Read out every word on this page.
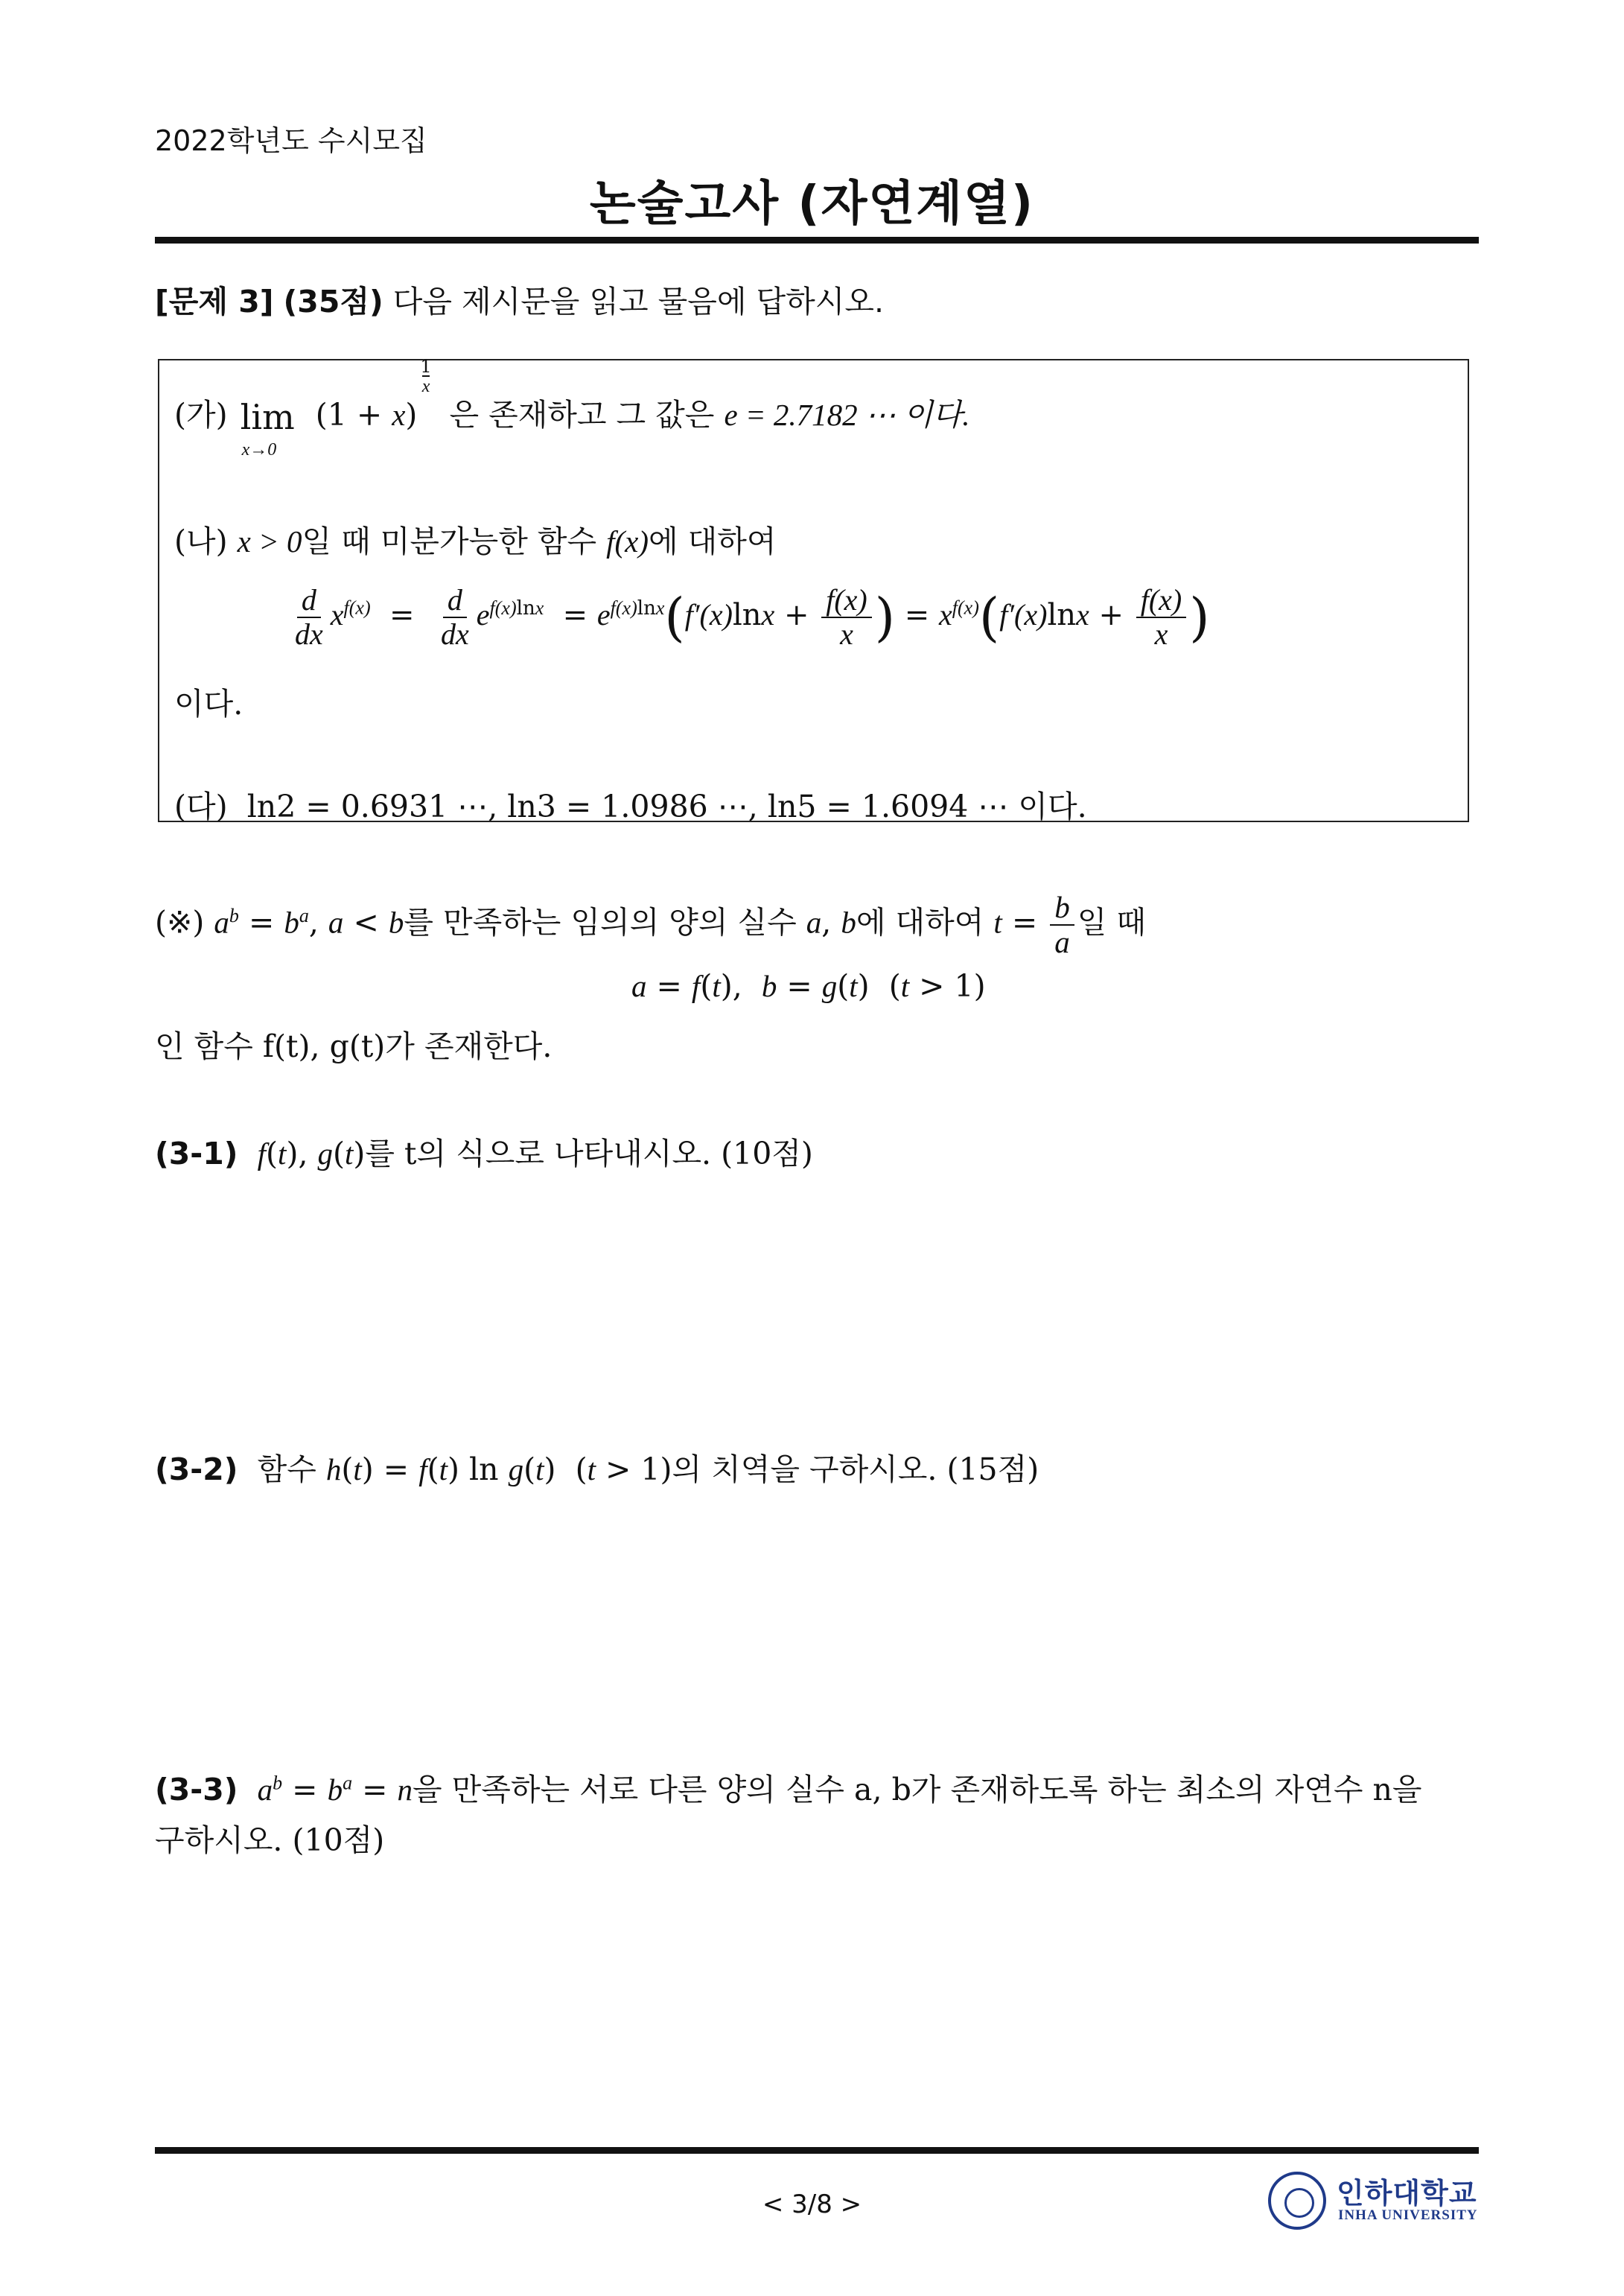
2022학년도 수시모집
논술고사 (자연계열)
[문제 3] (35점) 다음 제시문을 읽고 물음에 답하시오.
(가) lim
x→0
(1 + x)
1
x
은 존재하고 그 값은 e = 2.7182 ⋯ 이다.
(나) x > 0일 때 미분가능한 함수 f(x)에 대하여
$\frac{d}{dx} x^{f(x)} = \frac{d}{dx} e^{f(x)lnx} = e^{f(x)lnx}(f'(x)\ln x + \frac{f(x)}{x}$ ) = $x^{f(x)}(f'(x)\ln x + \frac{f(x)}{x}$ )
이다.
(다) ln2 = 0.6931 ⋯, ln3 = 1.0986 ⋯, ln5 = 1.6094 ⋯ 이다.
(※) $a^b = b^a$, a < b를 만족하는 임의의 양의 실수 a, b에 대하여 $t = \frac{b}{a}$ 일 때
a = f(t),  b = g(t)  (t > 1)
인 함수 f(t), g(t)가 존재한다.
(3-1) f(t), g(t)를 t의 식으로 나타내시오. (10점)
(3-2)  함수 h(t) = f(t) ln g(t)  (t > 1)의 치역을 구하시오. (15점)
(3-3) $a^b = b^a = n$을 만족하는 서로 다른 양의 실수 a, b가 존재하도록 하는 최소의 자연수 n을
구하시오. (10점)
< 3/8 >	인하대학교
INHA UNIVERSITY
